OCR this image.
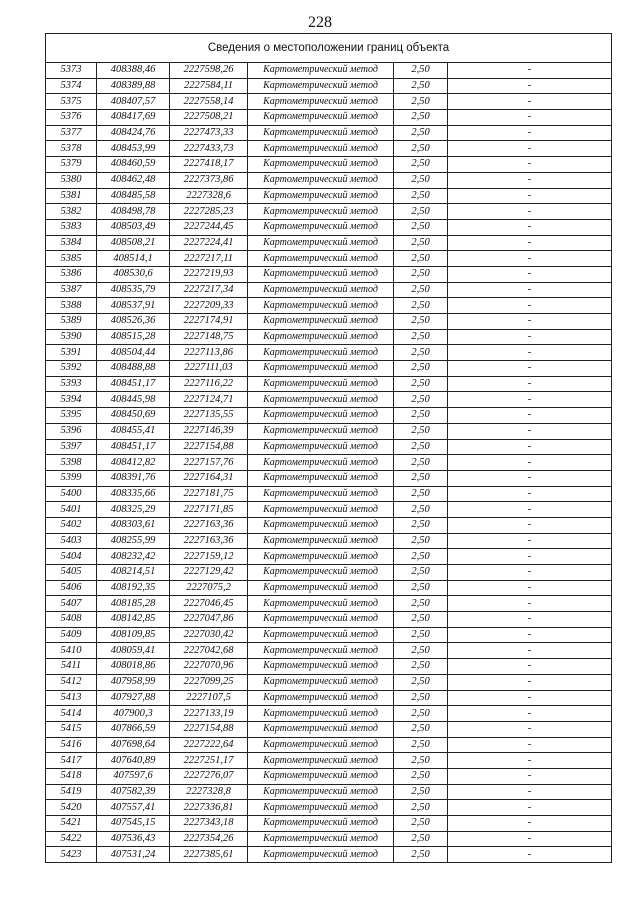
228
Сведения о местоположении границ объекта					
5373	408388,46	2227598,26	Картометрический метод	2,50	-
5374	408389,88	2227584,11	Картометрический метод	2,50	-
5375	408407,57	2227558,14	Картометрический метод	2,50	-
5376	408417,69	2227508,21	Картометрический метод	2,50	-
5377	408424,76	2227473,33	Картометрический метод	2,50	-
5378	408453,99	2227433,73	Картометрический метод	2,50	-
5379	408460,59	2227418,17	Картометрический метод	2,50	-
5380	408462,48	2227373,86	Картометрический метод	2,50	-
5381	408485,58	2227328,6	Картометрический метод	2,50	-
5382	408498,78	2227285,23	Картометрический метод	2,50	-
5383	408503,49	2227244,45	Картометрический метод	2,50	-
5384	408508,21	2227224,41	Картометрический метод	2,50	-
5385	408514,1	2227217,11	Картометрический метод	2,50	-
5386	408530,6	2227219,93	Картометрический метод	2,50	-
5387	408535,79	2227217,34	Картометрический метод	2,50	-
5388	408537,91	2227209,33	Картометрический метод	2,50	-
5389	408526,36	2227174,91	Картометрический метод	2,50	-
5390	408515,28	2227148,75	Картометрический метод	2,50	-
5391	408504,44	2227113,86	Картометрический метод	2,50	-
5392	408488,88	2227111,03	Картометрический метод	2,50	-
5393	408451,17	2227116,22	Картометрический метод	2,50	-
5394	408445,98	2227124,71	Картометрический метод	2,50	-
5395	408450,69	2227135,55	Картометрический метод	2,50	-
5396	408455,41	2227146,39	Картометрический метод	2,50	-
5397	408451,17	2227154,88	Картометрический метод	2,50	-
5398	408412,82	2227157,76	Картометрический метод	2,50	-
5399	408391,76	2227164,31	Картометрический метод	2,50	-
5400	408335,66	2227181,75	Картометрический метод	2,50	-
5401	408325,29	2227171,85	Картометрический метод	2,50	-
5402	408303,61	2227163,36	Картометрический метод	2,50	-
5403	408255,99	2227163,36	Картометрический метод	2,50	-
5404	408232,42	2227159,12	Картометрический метод	2,50	-
5405	408214,51	2227129,42	Картометрический метод	2,50	-
5406	408192,35	2227075,2	Картометрический метод	2,50	-
5407	408185,28	2227046,45	Картометрический метод	2,50	-
5408	408142,85	2227047,86	Картометрический метод	2,50	-
5409	408109,85	2227030,42	Картометрический метод	2,50	-
5410	408059,41	2227042,68	Картометрический метод	2,50	-
5411	408018,86	2227070,96	Картометрический метод	2,50	-
5412	407958,99	2227099,25	Картометрический метод	2,50	-
5413	407927,88	2227107,5	Картометрический метод	2,50	-
5414	407900,3	2227133,19	Картометрический метод	2,50	-
5415	407866,59	2227154,88	Картометрический метод	2,50	-
5416	407698,64	2227222,64	Картометрический метод	2,50	-
5417	407640,89	2227251,17	Картометрический метод	2,50	-
5418	407597,6	2227276,07	Картометрический метод	2,50	-
5419	407582,39	2227328,8	Картометрический метод	2,50	-
5420	407557,41	2227336,81	Картометрический метод	2,50	-
5421	407545,15	2227343,18	Картометрический метод	2,50	-
5422	407536,43	2227354,26	Картометрический метод	2,50	-
5423	407531,24	2227385,61	Картометрический метод	2,50	-
